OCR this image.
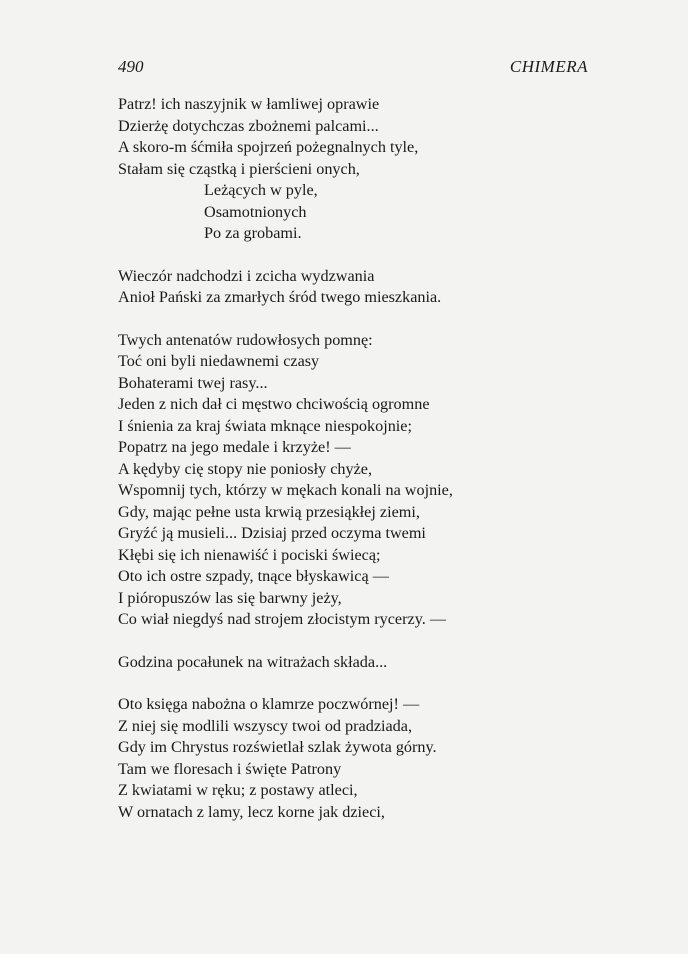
490	CHIMERA
Patrz! ich naszyjnik w łamliwej oprawie
Dzierżę dotychczas zbożnemi palcami...
A skoro-m śćmiła spojrzeń pożegnalnych tyle,
Stałam się cząstką i pierścieni onych,
Leżących w pyle,
Osamotnionych
Po za grobami.
Wieczór nadchodzi i zcicha wydzwania
Anioł Pański za zmarłych śród twego mieszkania.
Twych antenatów rudowłosych pomnę:
Toć oni byli niedawnemi czasy
Bohaterami twej rasy...
Jeden z nich dał ci męstwo chciwością ogromne
I śnienia za kraj świata mknące niespokojnie;
Popatrz na jego medale i krzyże! —
A kędyby cię stopy nie poniosły chyże,
Wspomnij tych, którzy w mękach konali na wojnie,
Gdy, mając pełne usta krwią przesiąkłej ziemi,
Gryźć ją musieli... Dzisiaj przed oczyma twemi
Kłębi się ich nienawiść i pociski świecą;
Oto ich ostre szpady, tnące błyskawicą —
I pióropuszów las się barwny jeży,
Co wiał niegdyś nad strojem złocistym rycerzy. —
Godzina pocałunek na witrażach składa...
Oto księga nabożna o klamrze poczwórnej! —
Z niej się modlili wszyscy twoi od pradziada,
Gdy im Chrystus rozświetlał szlak żywota górny.
Tam we floresach i święte Patrony
Z kwiatami w ręku; z postawy atleci,
W ornatach z lamy, lecz korne jak dzieci,
